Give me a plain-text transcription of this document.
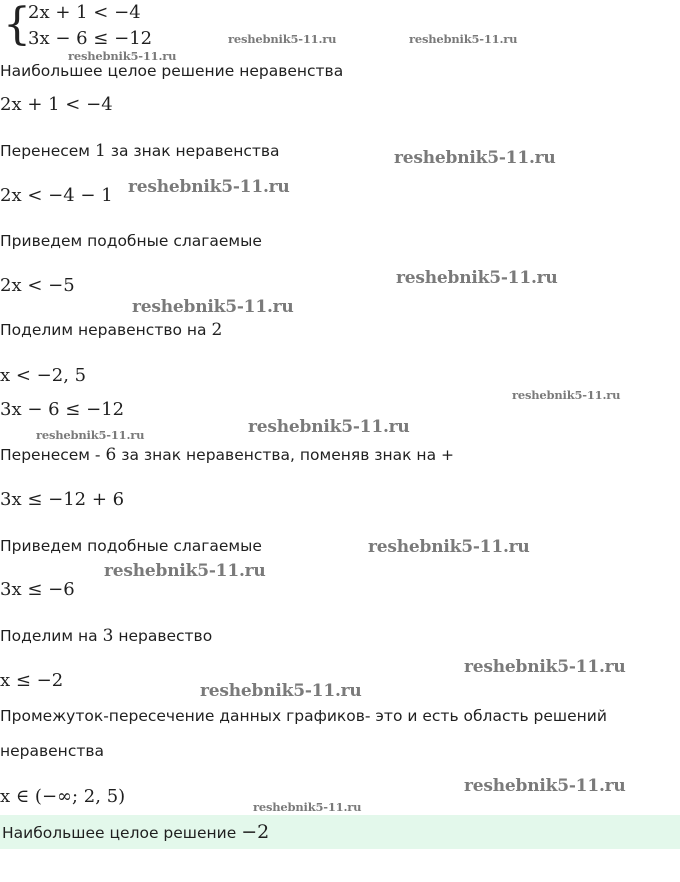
{
2x + 1 < −4
3x − 6 ≤ −12
reshebnik5-11.ru
reshebnik5-11.ru	reshebnik5-11.ru
Наибольшее целое решение неравенства
2x + 1 < −4
Перенесем 1 за знак неравенства	reshebnik5-11.ru
2x < −4 − 1 reshebnik5-11.ru
Приведем подобные слагаемые
2x < −5	reshebnik5-11.ru
reshebnik5-11.ru
Поделим неравенство на 2
x < −2, 5
reshebnik5-11.ru
3x − 6 ≤ −12
reshebnik5-11.ru	reshebnik5-11.ru
Перенесем - 6 за знак неравенства, поменяв знак на +
3x ≤ −12 + 6
Приведем подобные слагаемые	reshebnik5-11.ru
reshebnik5-11.ru
3x ≤ −6
Поделим на 3 неравество
x ≤ −2
reshebnik5-11.ru
reshebnik5-11.ru
Промежуток-пересечение данных графиков- это и есть область решений
неравенства
x ∈ (−∞; 2, 5)	reshebnik5-11.ru
reshebnik5-11.ru
Наибольшее целое решение −2
